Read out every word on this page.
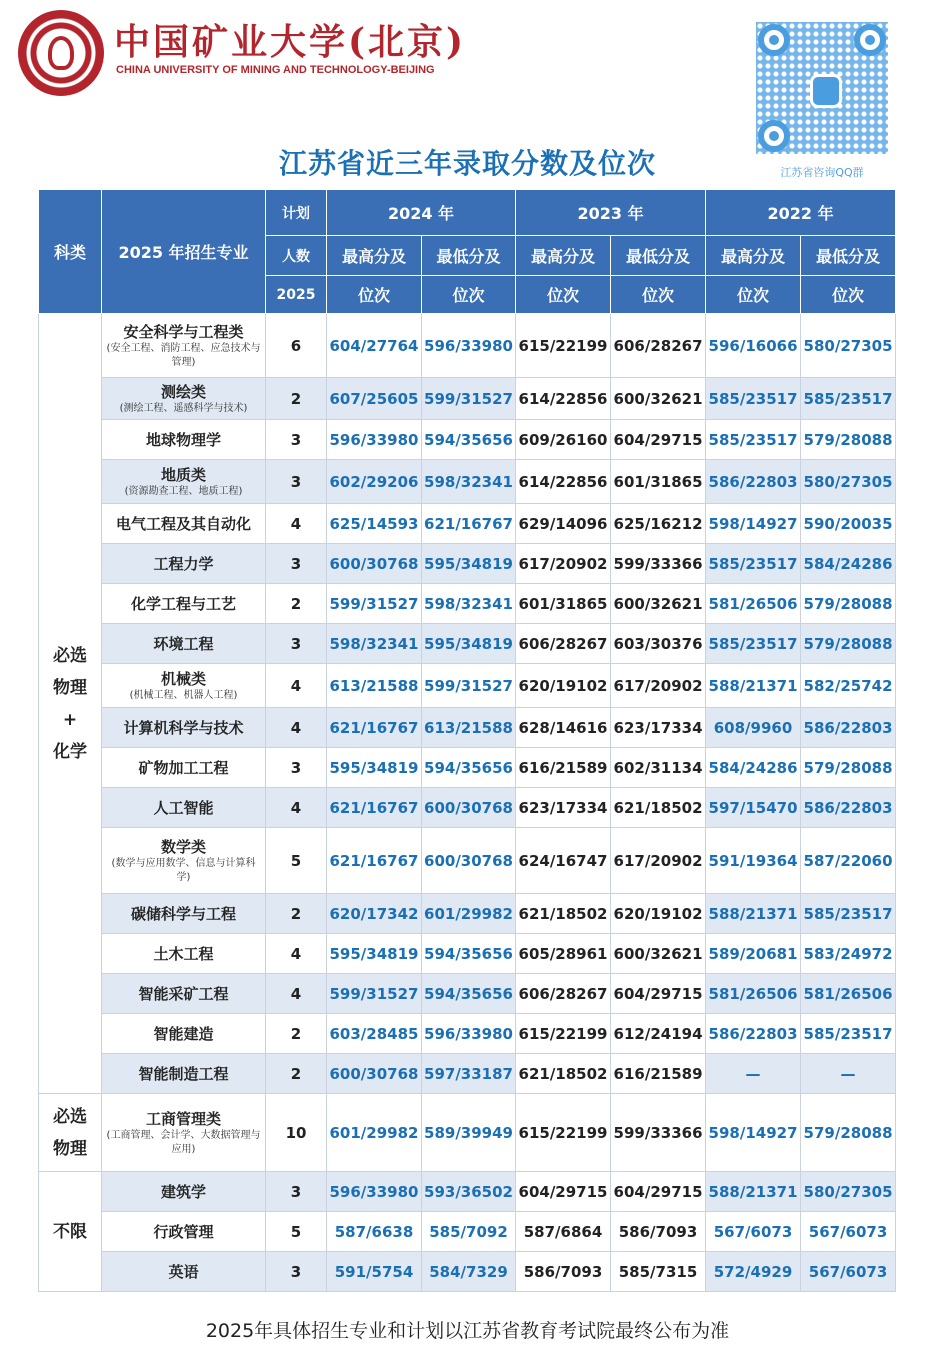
中国矿业大学(北京)
CHINA UNIVERSITY OF MINING AND TECHNOLOGY-BEIJING
江苏省咨询QQ群
江苏省近三年录取分数及位次
科类	2025 年招生专业	计划	2024 年		2023 年		2022 年	
		人数	最高分及	最低分及	最高分及	最低分及	最高分及	最低分及
		2025	位次	位次	位次	位次	位次	位次
必选
物理
+
化学	安全科学与工程类
(安全工程、消防工程、应急技术与管理)	6	604/27764	596/33980	615/22199	606/28267	596/16066	580/27305

	测绘类
(测绘工程、遥感科学与技术)	2	607/25605	599/31527	614/22856	600/32621	585/23517	585/23517

	地球物理学	3	596/33980	594/35656	609/26160	604/29715	585/23517	579/28088

	地质类
(资源勘查工程、地质工程)	3	602/29206	598/32341	614/22856	601/31865	586/22803	580/27305

	电气工程及其自动化	4	625/14593	621/16767	629/14096	625/16212	598/14927	590/20035

	工程力学	3	600/30768	595/34819	617/20902	599/33366	585/23517	584/24286

	化学工程与工艺	2	599/31527	598/32341	601/31865	600/32621	581/26506	579/28088

	环境工程	3	598/32341	595/34819	606/28267	603/30376	585/23517	579/28088

	机械类
(机械工程、机器人工程)	4	613/21588	599/31527	620/19102	617/20902	588/21371	582/25742

	计算机科学与技术	4	621/16767	613/21588	628/14616	623/17334	608/9960	586/22803

	矿物加工工程	3	595/34819	594/35656	616/21589	602/31134	584/24286	579/28088

	人工智能	4	621/16767	600/30768	623/17334	621/18502	597/15470	586/22803

	数学类
(数学与应用数学、信息与计算科学)	5	621/16767	600/30768	624/16747	617/20902	591/19364	587/22060

	碳储科学与工程	2	620/17342	601/29982	621/18502	620/19102	588/21371	585/23517

	土木工程	4	595/34819	594/35656	605/28961	600/32621	589/20681	583/24972

	智能采矿工程	4	599/31527	594/35656	606/28267	604/29715	581/26506	581/26506

	智能建造	2	603/28485	596/33980	615/22199	612/24194	586/22803	585/23517

	智能制造工程	2	600/30768	597/33187	621/18502	616/21589	—	—
必选
物理	工商管理类
(工商管理、会计学、大数据管理与应用)	10	601/29982	589/39949	615/22199	599/33366	598/14927	579/28088
不限	建筑学	3	596/33980	593/36502	604/29715	604/29715	588/21371	580/27305

	行政管理	5	587/6638	585/7092	587/6864	586/7093	567/6073	567/6073

	英语	3	591/5754	584/7329	586/7093	585/7315	572/4929	567/6073
2025年具体招生专业和计划以江苏省教育考试院最终公布为准
